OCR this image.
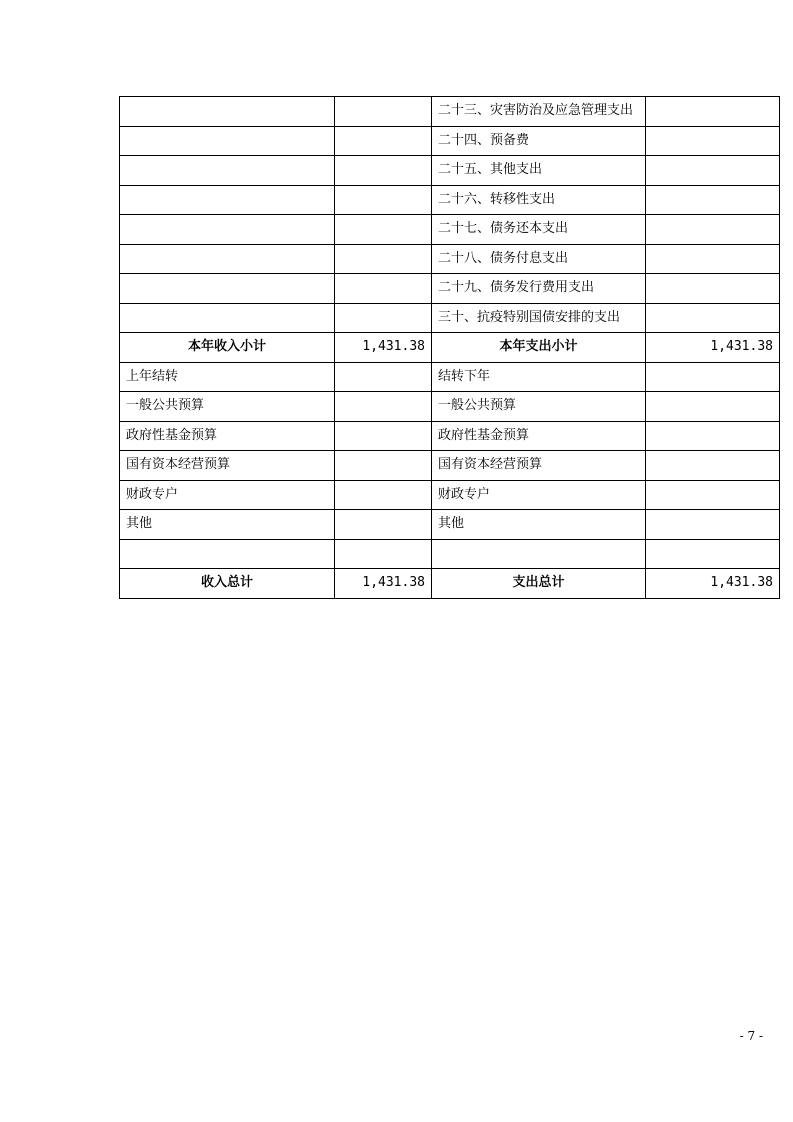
		二十三、灾害防治及应急管理支出	
		二十四、预备费	
		二十五、其他支出	
		二十六、转移性支出	
		二十七、债务还本支出	
		二十八、债务付息支出	
		二十九、债务发行费用支出	
		三十、抗疫特别国债安排的支出	
本年收入小计	1,431.38	本年支出小计	1,431.38
上年结转		结转下年	
一般公共预算		一般公共预算	
政府性基金预算		政府性基金预算	
国有资本经营预算		国有资本经营预算	
财政专户		财政专户	
其他		其他	

收入总计	1,431.38	支出总计	1,431.38
- 7 -
